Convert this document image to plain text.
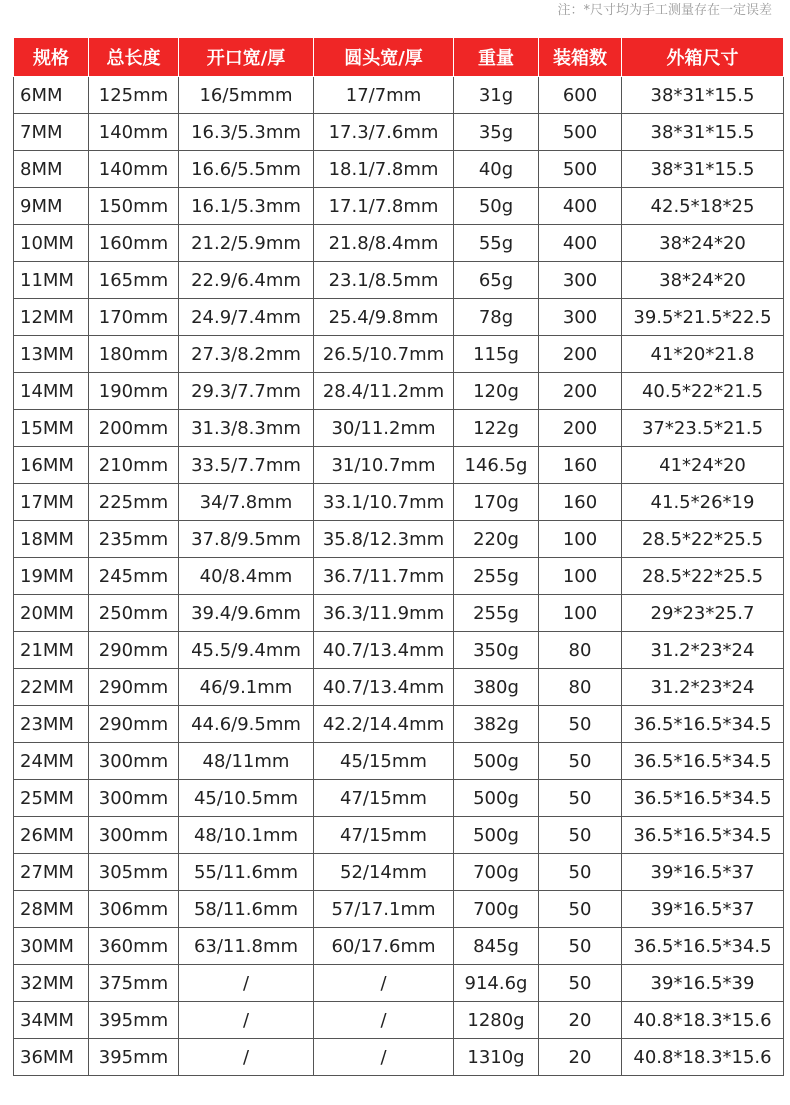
注：*尺寸均为手工测量存在一定误差
规格	总长度	开口宽/厚	圆头宽/厚	重量	装箱数	外箱尺寸
6MM	125mm	16/5mmm	17/7mm	31g	600	38*31*15.5
7MM	140mm	16.3/5.3mm	17.3/7.6mm	35g	500	38*31*15.5
8MM	140mm	16.6/5.5mm	18.1/7.8mm	40g	500	38*31*15.5
9MM	150mm	16.1/5.3mm	17.1/7.8mm	50g	400	42.5*18*25
10MM	160mm	21.2/5.9mm	21.8/8.4mm	55g	400	38*24*20
11MM	165mm	22.9/6.4mm	23.1/8.5mm	65g	300	38*24*20
12MM	170mm	24.9/7.4mm	25.4/9.8mm	78g	300	39.5*21.5*22.5
13MM	180mm	27.3/8.2mm	26.5/10.7mm	115g	200	41*20*21.8
14MM	190mm	29.3/7.7mm	28.4/11.2mm	120g	200	40.5*22*21.5
15MM	200mm	31.3/8.3mm	30/11.2mm	122g	200	37*23.5*21.5
16MM	210mm	33.5/7.7mm	31/10.7mm	146.5g	160	41*24*20
17MM	225mm	34/7.8mm	33.1/10.7mm	170g	160	41.5*26*19
18MM	235mm	37.8/9.5mm	35.8/12.3mm	220g	100	28.5*22*25.5
19MM	245mm	40/8.4mm	36.7/11.7mm	255g	100	28.5*22*25.5
20MM	250mm	39.4/9.6mm	36.3/11.9mm	255g	100	29*23*25.7
21MM	290mm	45.5/9.4mm	40.7/13.4mm	350g	80	31.2*23*24
22MM	290mm	46/9.1mm	40.7/13.4mm	380g	80	31.2*23*24
23MM	290mm	44.6/9.5mm	42.2/14.4mm	382g	50	36.5*16.5*34.5
24MM	300mm	48/11mm	45/15mm	500g	50	36.5*16.5*34.5
25MM	300mm	45/10.5mm	47/15mm	500g	50	36.5*16.5*34.5
26MM	300mm	48/10.1mm	47/15mm	500g	50	36.5*16.5*34.5
27MM	305mm	55/11.6mm	52/14mm	700g	50	39*16.5*37
28MM	306mm	58/11.6mm	57/17.1mm	700g	50	39*16.5*37
30MM	360mm	63/11.8mm	60/17.6mm	845g	50	36.5*16.5*34.5
32MM	375mm	/	/	914.6g	50	39*16.5*39
34MM	395mm	/	/	1280g	20	40.8*18.3*15.6
36MM	395mm	/	/	1310g	20	40.8*18.3*15.6
